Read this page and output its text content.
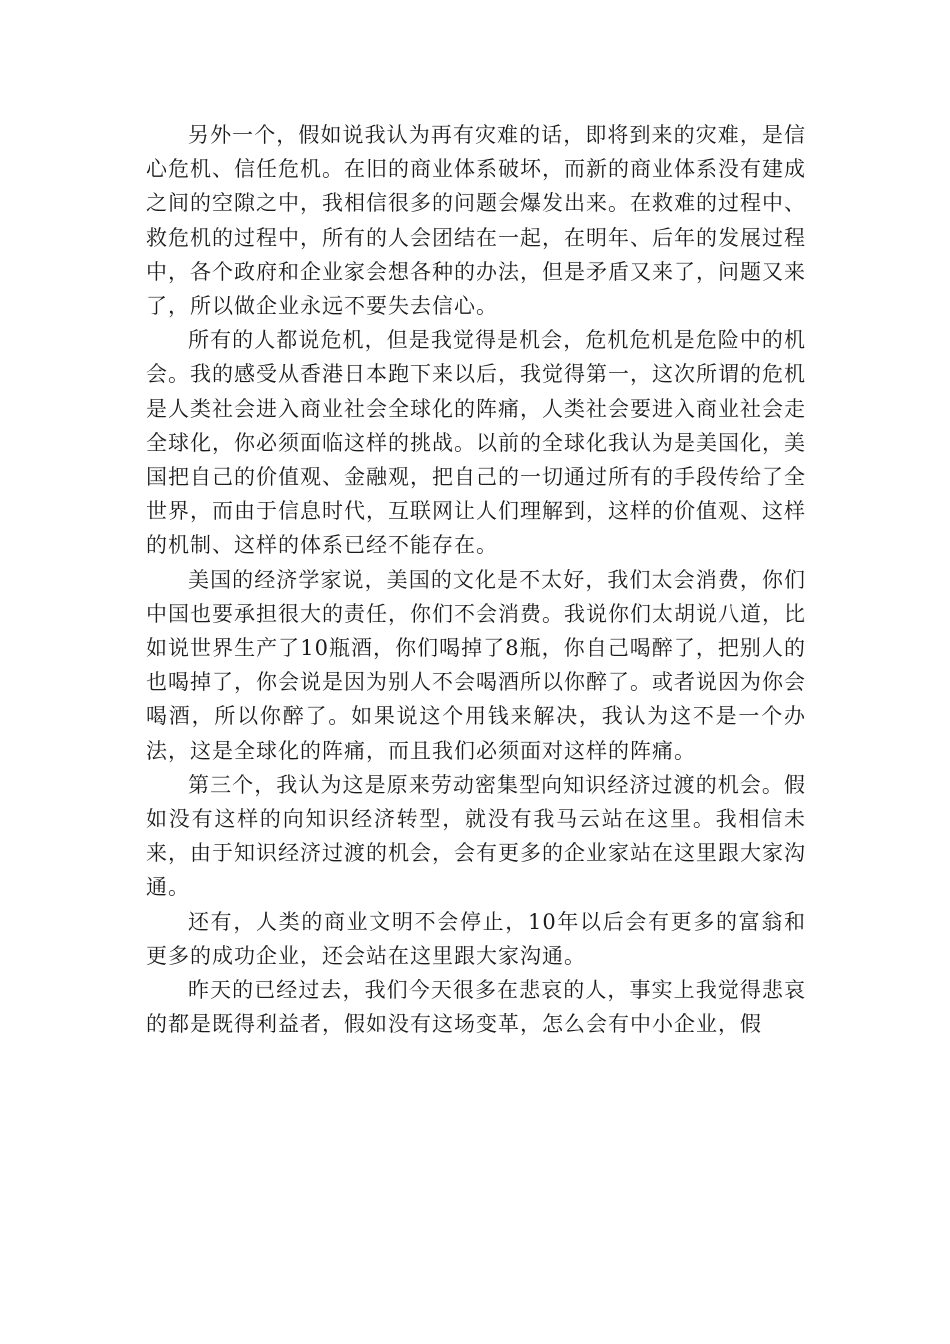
另外一个，假如说我认为再有灾难的话，即将到来的灾难，是信心危机、信任危机。在旧的商业体系破坏，而新的商业体系没有建成之间的空隙之中，我相信很多的问题会爆发出来。在救难的过程中、救危机的过程中，所有的人会团结在一起，在明年、后年的发展过程中，各个政府和企业家会想各种的办法，但是矛盾又来了，问题又来了，所以做企业永远不要失去信心。

所有的人都说危机，但是我觉得是机会，危机危机是危险中的机会。我的感受从香港日本跑下来以后，我觉得第一，这次所谓的危机是人类社会进入商业社会全球化的阵痛，人类社会要进入商业社会走全球化，你必须面临这样的挑战。以前的全球化我认为是美国化，美国把自己的价值观、金融观，把自己的一切通过所有的手段传给了全世界，而由于信息时代，互联网让人们理解到，这样的价值观、这样的机制、这样的体系已经不能存在。

美国的经济学家说，美国的文化是不太好，我们太会消费，你们中国也要承担很大的责任，你们不会消费。我说你们太胡说八道，比如说世界生产了10瓶酒，你们喝掉了8瓶，你自己喝醉了，把别人的也喝掉了，你会说是因为别人不会喝酒所以你醉了。或者说因为你会喝酒，所以你醉了。如果说这个用钱来解决，我认为这不是一个办法，这是全球化的阵痛，而且我们必须面对这样的阵痛。

第三个，我认为这是原来劳动密集型向知识经济过渡的机会。假如没有这样的向知识经济转型，就没有我马云站在这里。我相信未来，由于知识经济过渡的机会，会有更多的企业家站在这里跟大家沟通。

还有，人类的商业文明不会停止，10年以后会有更多的富翁和更多的成功企业，还会站在这里跟大家沟通。

昨天的已经过去，我们今天很多在悲哀的人，事实上我觉得悲哀的都是既得利益者，假如没有这场变革，怎么会有中小企业，假
